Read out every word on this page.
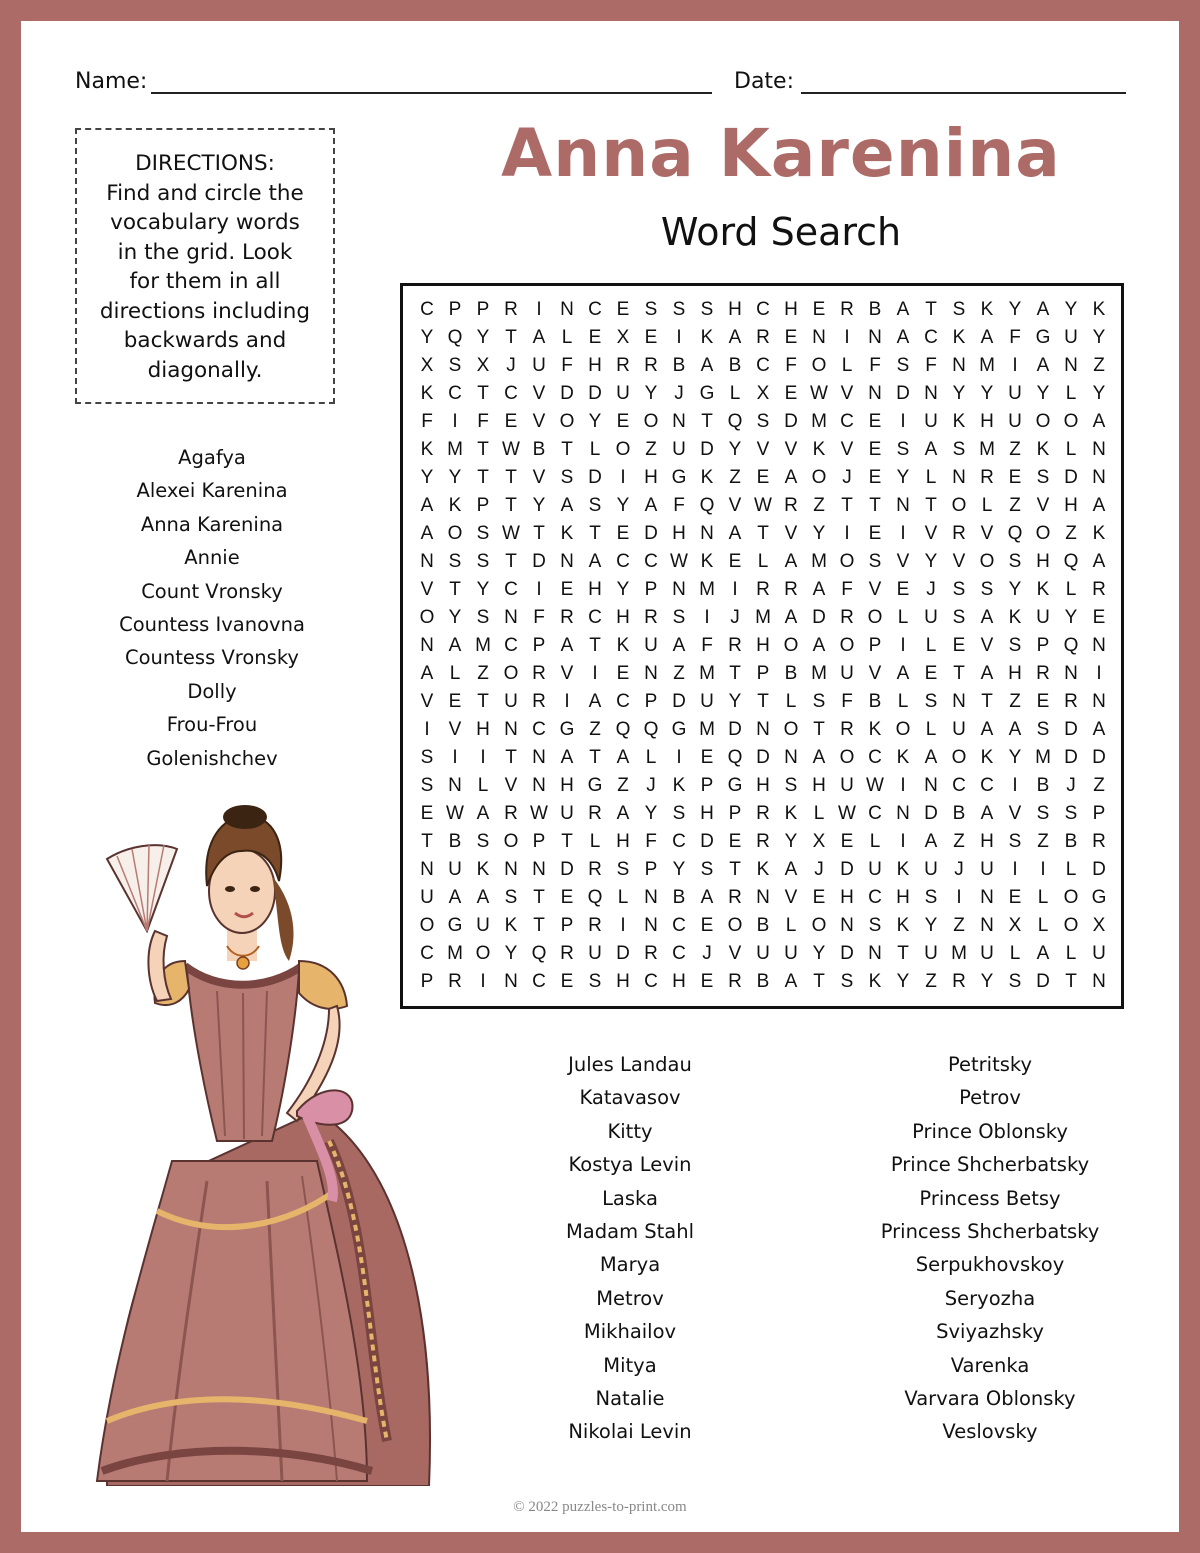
Name:	Date:
Anna Karenina
Word Search
DIRECTIONS:
Find and circle the
vocabulary words
in the grid. Look
for them in all
directions including
backwards and
diagonally.
Agafya
Alexei Karenina
Anna Karenina
Annie
Count Vronsky
Countess Ivanovna
Countess Vronsky
Dolly
Frou-Frou
Golenishchev
C P P R I N C E S S S H C H E R B A T S K Y A Y K
Y Q Y T A L E X E	I	K A R E N I N A C K A F G U Y
X S X J U F H R R B A B C F O L F S F N M I	A N Z
K C T C V D D U Y J G L X E W V N D N Y Y U Y L Y
F	I	F E V O Y E O N T Q S D M C E	I U K H U O O A
K M T W B T L O Z U D Y V V K V E S A S M Z K L N
Y Y T T V S D I H G K Z E A O J E Y L N R E S D N
A K P T Y A S Y A F Q V W R Z T T N T O L Z V H A
A O S W T K T E D H N A T V Y	I	E	I	V R V Q O Z K
N S S T D N A C C W K E L A M O S V Y V O S H Q A
V T Y C I	E H Y P N M I R R A F V E J S S Y K L R
O Y S N F R C H R S	I	J M A D R O L U S A K U Y E
N A M C P A T K U A F R H O A O P	I	L E V S P Q N
A L Z O R V	I	E N Z M T P B M U V A E T A H R N I
V E T U R I	A C P D U Y T L S F B L S N T Z E R N
I	V H N C G Z Q Q G M D N O T R K O L U A A S D A
S	I	I	T N A T A L	I	E Q D N A O C K A O K Y M D D
S N L V N H G Z J K P G H S H U W I N C C I	B J Z
E W A R W U R A Y S H P R K L W C N D B A V S S P
T B S O P T L H F C D E R Y X E L	I	A Z H S Z B R
N U K N N D R S P Y S T K A J D U K U J U I	I	L D
U A A S T E Q L N B A R N V E H C H S	I N E L O G
O G U K T P R I N C E O B L O N S K Y Z N X L O X
C M O Y Q R U D R C J V U U Y D N T U M U L A L U
P R I N C E S H C H E R B A T S K Y Z R Y S D T N
Jules Landau
Katavasov
Kitty
Kostya Levin
Laska
Madam Stahl
Marya
Metrov
Mikhailov
Mitya
Natalie
Nikolai Levin
Petritsky
Petrov
Prince Oblonsky
Prince Shcherbatsky
Princess Betsy
Princess Shcherbatsky
Serpukhovskoy
Seryozha
Sviyazhsky
Varenka
Varvara Oblonsky
Veslovsky
© 2022 puzzles-to-print.com
